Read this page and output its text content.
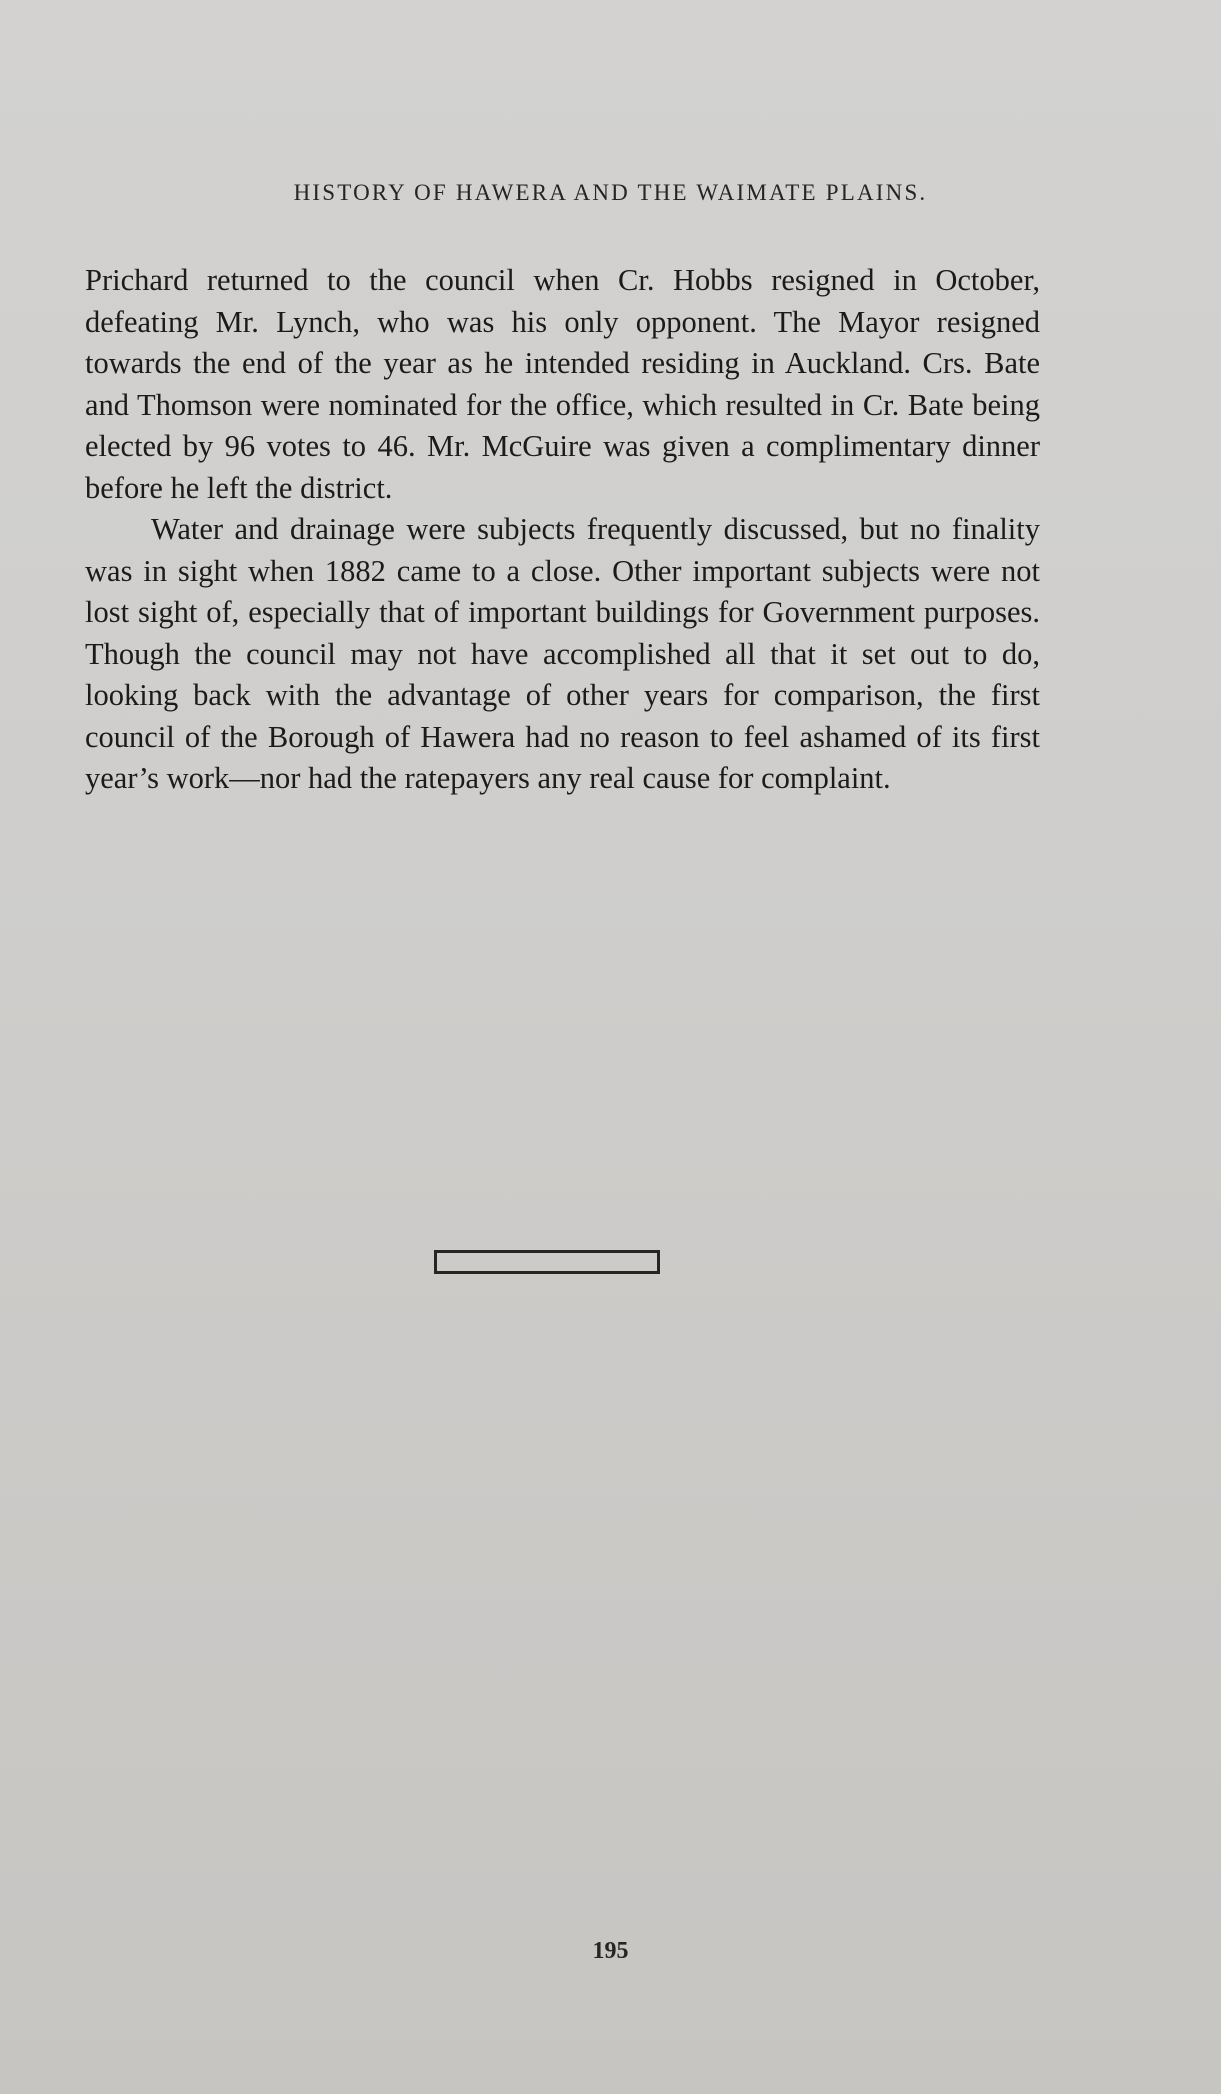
HISTORY OF HAWERA AND THE WAIMATE PLAINS.

Prichard returned to the council when Cr. Hobbs resigned in October, defeating Mr. Lynch, who was his only opponent. The Mayor resigned towards the end of the year as he intended residing in Auckland. Crs. Bate and Thomson were nominated for the office, which resulted in Cr. Bate being elected by 96 votes to 46. Mr. McGuire was given a complimentary dinner before he left the district.

Water and drainage were subjects frequently discussed, but no finality was in sight when 1882 came to a close. Other important subjects were not lost sight of, especially that of important buildings for Government purposes. Though the council may not have accomplished all that it set out to do, looking back with the advantage of other years for comparison, the first council of the Borough of Hawera had no reason to feel ashamed of its first year’s work—nor had the ratepayers any real cause for complaint.

195
